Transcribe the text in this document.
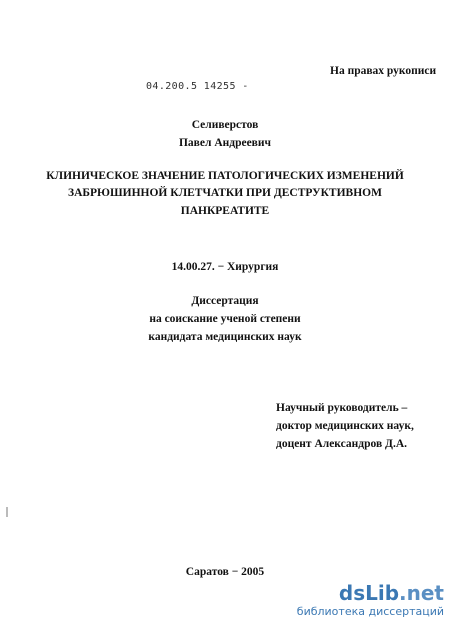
На правах рукописи
04.200.5 14255 -
Селиверстов
Павел Андреевич
КЛИНИЧЕСКОЕ ЗНАЧЕНИЕ ПАТОЛОГИЧЕСКИХ ИЗМЕНЕНИЙ
ЗАБРЮШИННОЙ КЛЕТЧАТКИ ПРИ ДЕСТРУКТИВНОМ
ПАНКРЕАТИТЕ
14.00.27. − Хирургия
Диссертация
на соискание ученой степени
кандидата медицинских наук
Научный руководитель –
доктор медицинских наук,
доцент Александров Д.А.
Саратов − 2005
dsLib.net
библиотека диссертаций
